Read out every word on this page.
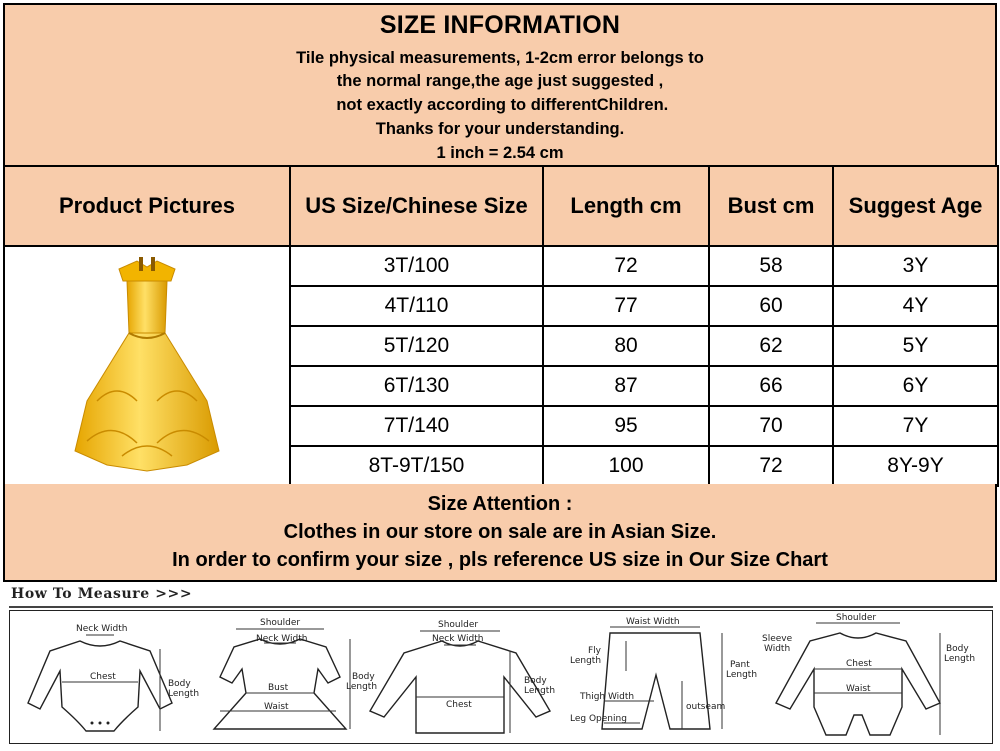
SIZE INFORMATION
Tile physical measurements, 1-2cm error belongs to
the normal range,the age just suggested ,
not exactly according to differentChildren.
Thanks for your understanding.
1 inch = 2.54 cm
Product Pictures	US Size/Chinese Size	Length cm	Bust cm	Suggest Age
	3T/100	72	58	3Y
	4T/110	77	60	4Y
	5T/120	80	62	5Y
	6T/130	87	66	6Y
	7T/140	95	70	7Y
	8T-9T/150	100	72	8Y-9Y
Size Attention :
Clothes in our store on sale are in Asian Size.
In order to confirm your size , pls reference US size in Our Size Chart
How To Measure >>>
Neck Width
Chest
Body
Length
Shoulder
Neck Width
Bust
Waist
Body
Length
Shoulder
Neck Width
Chest
Body
Length
Waist Width
Fly
Length
Thigh Width
Leg Opening
outseam
Pant
Length
Shoulder
Sleeve
Width
Chest
Waist
Body
Length
